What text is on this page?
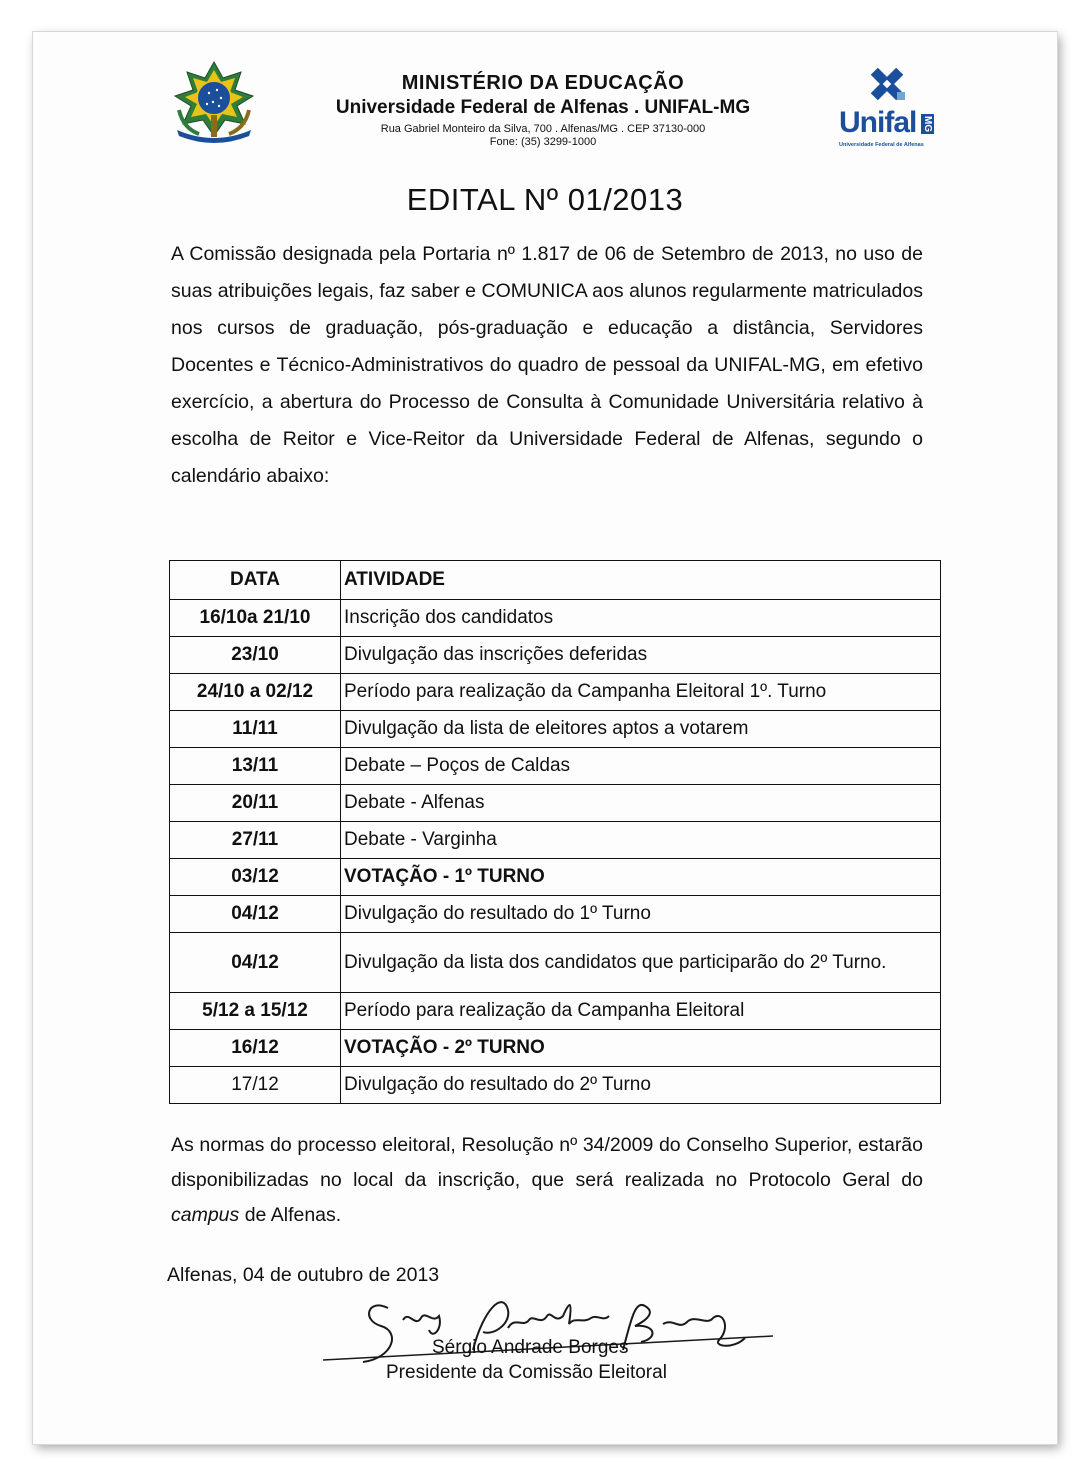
MINISTÉRIO DA EDUCAÇÃO
Universidade Federal de Alfenas . UNIFAL-MG
Rua Gabriel Monteiro da Silva, 700 . Alfenas/MG . CEP 37130-000
Fone: (35) 3299-1000
Unifal MG
Universidade Federal de Alfenas
EDITAL Nº 01/2013
A Comissão designada pela Portaria nº 1.817 de 06 de Setembro de 2013, no uso de suas atribuições legais, faz saber e COMUNICA aos alunos regularmente matriculados nos cursos de graduação, pós-graduação e educação a distância, Servidores Docentes e Técnico-Administrativos do quadro de pessoal da UNIFAL-MG, em efetivo exercício, a abertura do Processo de Consulta à Comunidade Universitária relativo à escolha de Reitor e Vice-Reitor da Universidade Federal de Alfenas, segundo o calendário abaixo:
DATA	ATIVIDADE
16/10a 21/10	Inscrição dos candidatos
23/10	Divulgação das inscrições deferidas
24/10 a 02/12	Período para realização da Campanha Eleitoral 1º. Turno
11/11	Divulgação da lista de eleitores aptos a votarem
13/11	Debate – Poços de Caldas
20/11	Debate - Alfenas
27/11	Debate - Varginha
03/12	VOTAÇÃO - 1º TURNO
04/12	Divulgação do resultado do 1º Turno
04/12	Divulgação da lista dos candidatos que participarão do 2º Turno.
5/12 a 15/12	Período para realização da Campanha Eleitoral
16/12	VOTAÇÃO - 2º TURNO
17/12	Divulgação do resultado do 2º Turno
As normas do processo eleitoral, Resolução nº 34/2009 do Conselho Superior, estarão disponibilizadas no local da inscrição, que será realizada no Protocolo Geral do campus de Alfenas.
Alfenas, 04 de outubro de 2013
Sérgio Andrade Borges
Presidente da Comissão Eleitoral
